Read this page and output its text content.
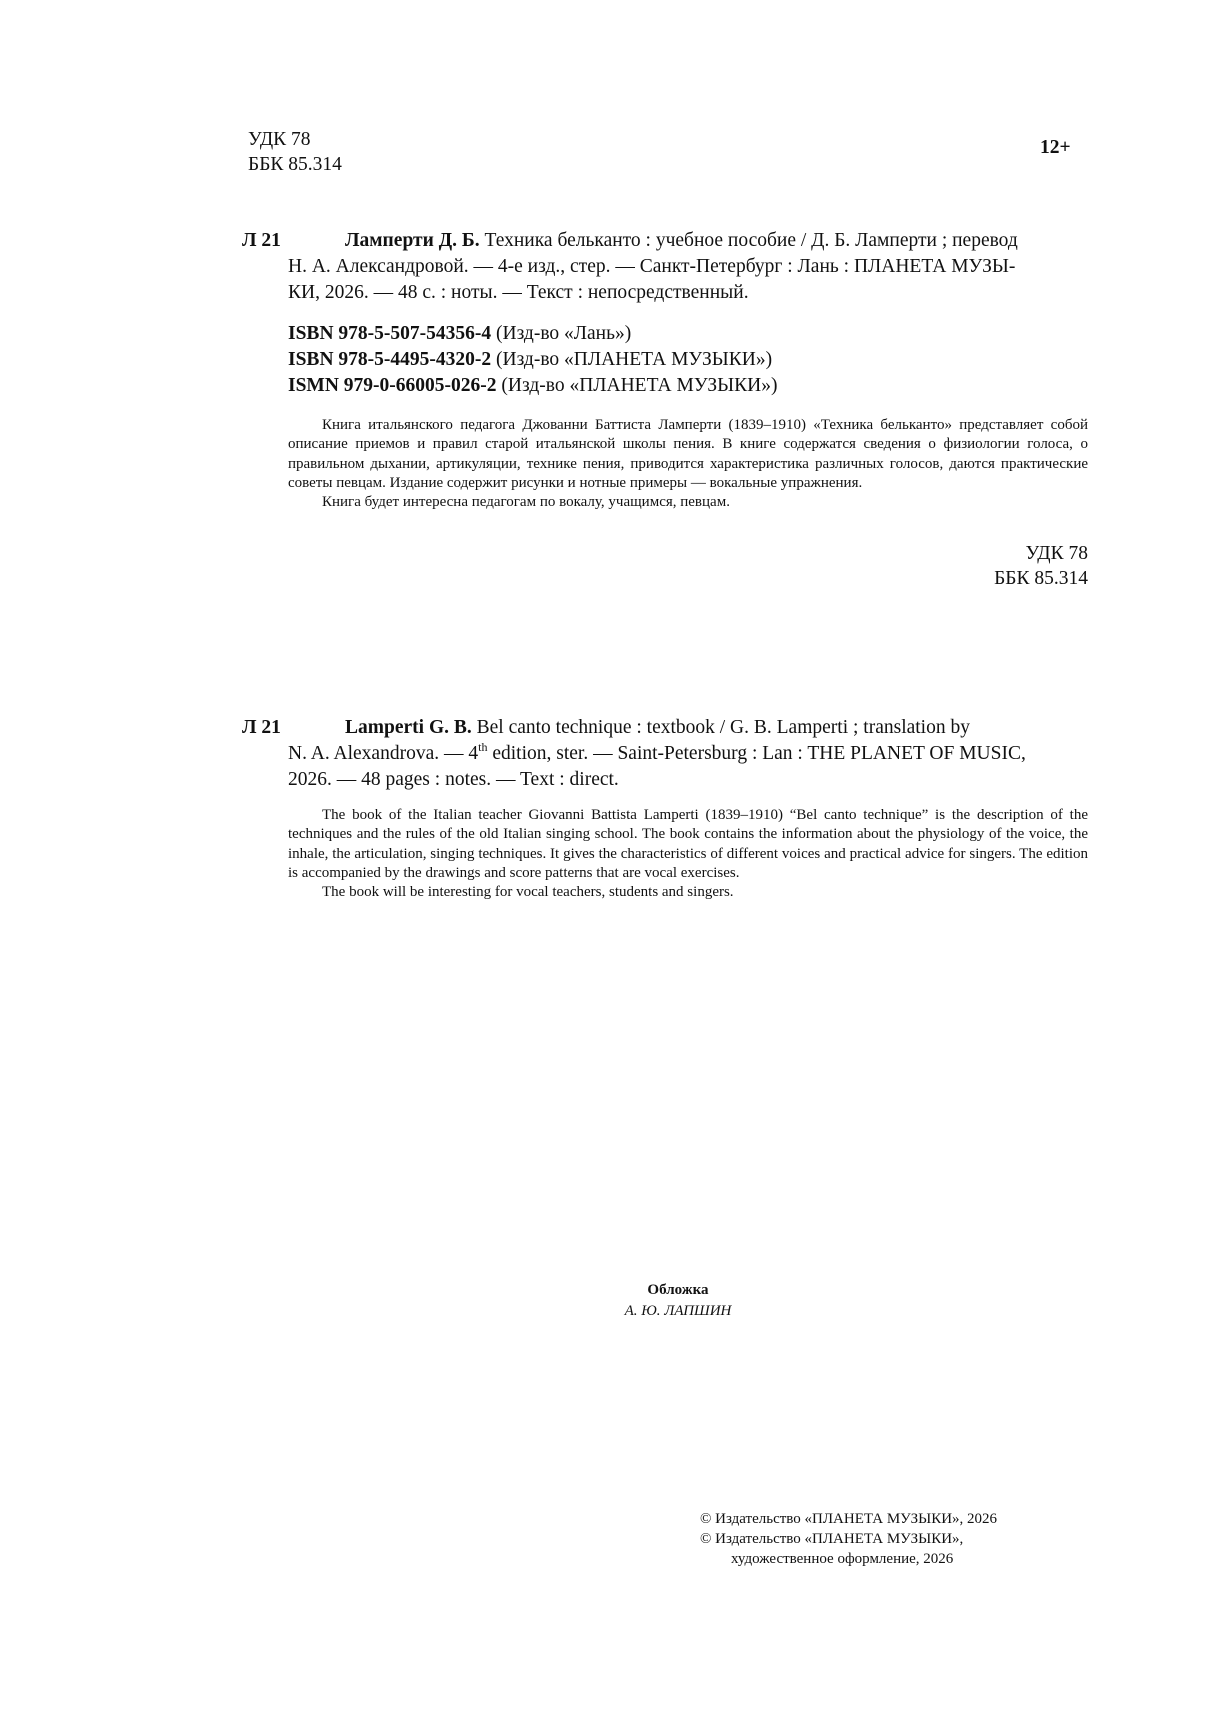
УДК 78
ББК 85.314
12+
Л 21	Ламперти Д. Б. Техника бельканто : учебное пособие / Д. Б. Ламперти ; перевод
Н. А. Александровой. — 4-е изд., стер. — Санкт-Петербург : Лань : ПЛАНЕТА МУЗЫ-
КИ, 2026. — 48 с. : ноты. — Текст : непосредственный.
ISBN 978-5-507-54356-4 (Изд-во «Лань»)
ISBN 978-5-4495-4320-2 (Изд-во «ПЛАНЕТА МУЗЫКИ»)
ISMN 979-0-66005-026-2 (Изд-во «ПЛАНЕТА МУЗЫКИ»)
Книга итальянского педагога Джованни Баттиста Ламперти (1839–1910) «Техника бельканто» представляет собой описание приемов и правил старой итальянской школы пения. В книге содержатся сведения о физиологии голоса, о правильном дыхании, артикуляции, технике пения, приводится характеристика различных голосов, даются практические советы певцам. Издание содержит рисунки и нотные примеры — вокальные упражнения.
Книга будет интересна педагогам по вокалу, учащимся, певцам.
УДК 78
ББК 85.314
Л 21	Lamperti G. B. Bel canto technique : textbook / G. B. Lamperti ; translation by
N. A. Alexandrova. — 4th edition, ster. — Saint-Petersburg : Lan : THE PLANET OF MUSIC,
2026. — 48 pages : notes. — Text : direct.
The book of the Italian teacher Giovanni Battista Lamperti (1839–1910) “Bel canto technique” is the description of the techniques and the rules of the old Italian singing school. The book contains the information about the physiology of the voice, the inhale, the articulation, singing techniques. It gives the characteristics of different voices and practical advice for singers. The edition is accompanied by the drawings and score patterns that are vocal exercises.
The book will be interesting for vocal teachers, students and singers.
Обложка
А. Ю. ЛАПШИН
© Издательство «ПЛАНЕТА МУЗЫКИ», 2026
© Издательство «ПЛАНЕТА МУЗЫКИ»,
художественное оформление, 2026
